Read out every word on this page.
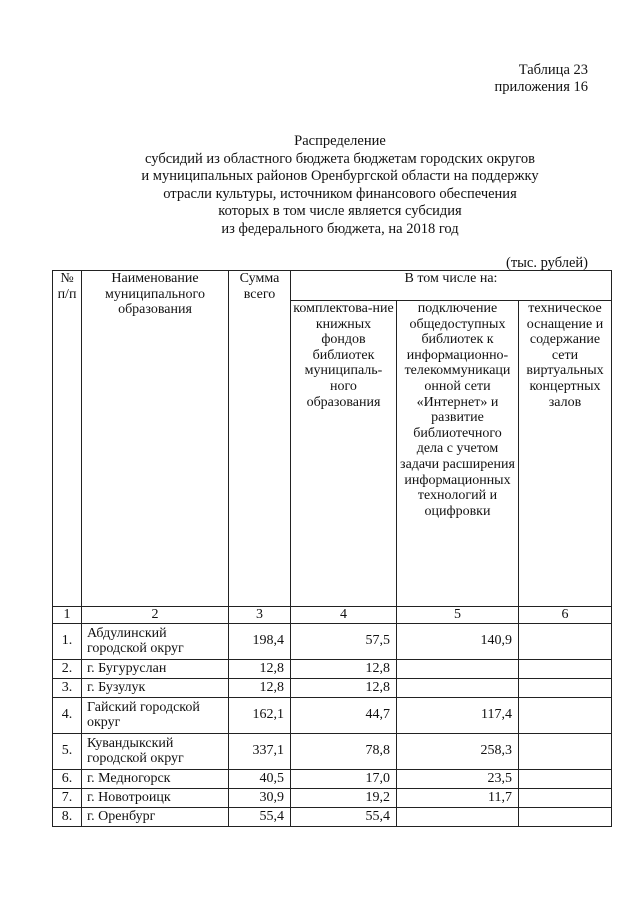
Таблица 23
приложения 16
Распределение
субсидий из областного бюджета бюджетам городских округов
и муниципальных районов Оренбургской области на поддержку
отрасли культуры, источником финансового обеспечения
которых в том числе является субсидия
из федерального бюджета, на 2018 год
(тыс. рублей)
№ п/п	Наименование муниципального образования	Сумма всего	В том числе на:		
			комплектова-ние книжных фондов библиотек муниципаль-ного образования	подключение общедоступных библиотек к информационно-телекоммуникаци онной сети «Интернет» и развитие библиотечного дела с учетом задачи расширения информационных технологий и оцифровки	техническое оснащение и содержание сети виртуальных концертных залов
1	2	3	4	5	6
1.	Абдулинский городской округ	198,4	57,5	140,9	
2.	г. Бугуруслан	12,8	12,8		
3.	г. Бузулук	12,8	12,8		
4.	Гайский городской округ	162,1	44,7	117,4	
5.	Кувандыкский городской округ	337,1	78,8	258,3	
6.	г. Медногорск	40,5	17,0	23,5	
7.	г. Новотроицк	30,9	19,2	11,7	
8.	г. Оренбург	55,4	55,4		
